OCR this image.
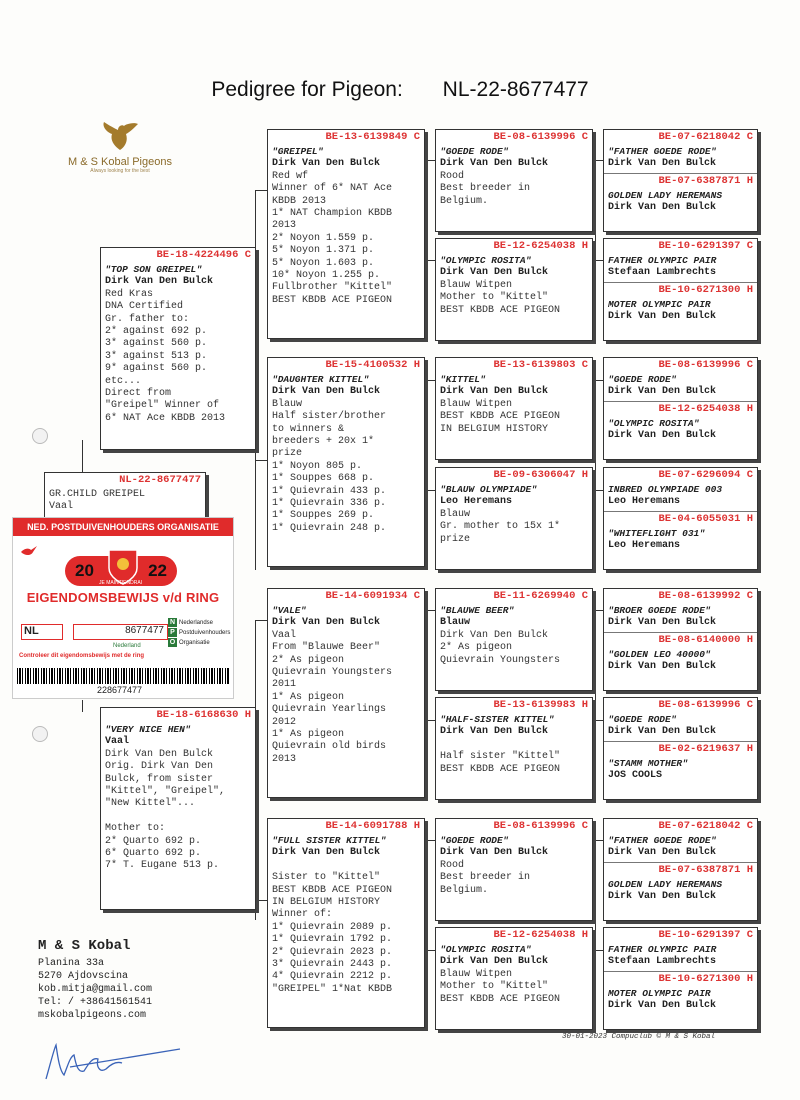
Pedigree for Pigeon: NL-22-8677477
M & S Kobal Pigeons
Always looking for the best
BE-18-4224496 C
"TOP SON GREIPEL"
Dirk Van Den Bulck
Red Kras
DNA Certified
Gr. father to:
2* against 692 p.
3* against 560 p.
3* against 513 p.
9* against 560 p.
etc...
Direct from
"Greipel" Winner of
6* NAT Ace KBDB 2013
NL-22-8677477
GR.CHILD GREIPEL
Vaal
BE-18-6168630 H
"VERY NICE HEN"
Vaal
Dirk Van Den Bulck
Orig. Dirk Van Den
Bulck, from sister
"Kittel", "Greipel",
"New Kittel"...

Mother to:
2* Quarto 692 p.
6* Quarto 692 p.
7* T. Eugane 513 p.
BE-13-6139849 C
"GREIPEL"
Dirk Van Den Bulck
Red wf
Winner of 6* NAT Ace
KBDB 2013
1* NAT Champion KBDB
2013
2* Noyon 1.559 p.
5* Noyon 1.371 p.
5* Noyon 1.603 p.
10* Noyon 1.255 p.
Fullbrother "Kittel"
BEST KBDB ACE PIGEON
BE-15-4100532 H
"DAUGHTER KITTEL"
Dirk Van Den Bulck
Blauw
Half sister/brother
to winners &
breeders + 20x 1*
prize
1* Noyon 805 p.
1* Souppes 668 p.
1* Quievrain 433 p.
1* Quievrain 336 p.
1* Souppes 269 p.
1* Quievrain 248 p.
BE-14-6091934 C
"VALE"
Dirk Van Den Bulck
Vaal
From "Blauwe Beer"
2* As pigeon
Quievrain Youngsters
2011
1* As pigeon
Quievrain Yearlings
2012
1* As pigeon
Quievrain old birds
2013
BE-14-6091788 H
"FULL SISTER KITTEL"
Dirk Van Den Bulck

Sister to "Kittel"
BEST KBDB ACE PIGEON
IN BELGIUM HISTORY
Winner of:
1* Quievrain 2089 p.
1* Quievrain 1792 p.
2* Quievrain 2023 p.
3* Quievrain 2443 p.
4* Quievrain 2212 p.
"GREIPEL" 1*Nat KBDB
BE-08-6139996 C
"GOEDE RODE"
Dirk Van Den Bulck
Rood
Best breeder in
Belgium.
BE-12-6254038 H
"OLYMPIC ROSITA"
Dirk Van Den Bulck
Blauw Witpen
Mother to "Kittel"
BEST KBDB ACE PIGEON
BE-13-6139803 C
"KITTEL"
Dirk Van Den Bulck
Blauw Witpen
BEST KBDB ACE PIGEON
IN BELGIUM HISTORY
BE-09-6306047 H
"BLAUW OLYMPIADE"
Leo Heremans
Blauw
Gr. mother to 15x 1*
prize
BE-11-6269940 C
"BLAUWE BEER"
Blauw
Dirk Van Den Bulck
2* As pigeon
Quievrain Youngsters
BE-13-6139983 H
"HALF-SISTER KITTEL"
Dirk Van Den Bulck

Half sister "Kittel"
BEST KBDB ACE PIGEON
BE-08-6139996 C
"GOEDE RODE"
Dirk Van Den Bulck
Rood
Best breeder in
Belgium.
BE-12-6254038 H
"OLYMPIC ROSITA"
Dirk Van Den Bulck
Blauw Witpen
Mother to "Kittel"
BEST KBDB ACE PIGEON
BE-07-6218042 C
"FATHER GOEDE RODE"
Dirk Van Den Bulck
BE-07-6387871 H
GOLDEN LADY HEREMANS
Dirk Van Den Bulck
BE-10-6291397 C
FATHER OLYMPIC PAIR
Stefaan Lambrechts
BE-10-6271300 H
MOTER OLYMPIC PAIR
Dirk Van Den Bulck
BE-08-6139996 C
"GOEDE RODE"
Dirk Van Den Bulck
BE-12-6254038 H
"OLYMPIC ROSITA"
Dirk Van Den Bulck
BE-07-6296094 C
INBRED OLYMPIADE 003
Leo Heremans
BE-04-6055031 H
"WHITEFLIGHT 031"
Leo Heremans
BE-08-6139992 C
"BROER GOEDE RODE"
Dirk Van Den Bulck
BE-08-6140000 H
"GOLDEN LEO 40000"
Dirk Van Den Bulck
BE-08-6139996 C
"GOEDE RODE"
Dirk Van Den Bulck
BE-02-6219637 H
"STAMM MOTHER"
JOS COOLS
BE-07-6218042 C
"FATHER GOEDE RODE"
Dirk Van Den Bulck
BE-07-6387871 H
GOLDEN LADY HEREMANS
Dirk Van Den Bulck
BE-10-6291397 C
FATHER OLYMPIC PAIR
Stefaan Lambrechts
BE-10-6271300 H
MOTER OLYMPIC PAIR
Dirk Van Den Bulck
NED. POSTDUIVENHOUDERS ORGANISATIE
20	22
JE MAINTIENDRAI
EIGENDOMSBEWIJS v/d RING
NL	8677477
N Nederlandse
P Postduivenhouders
O Organisatie
Nederland
Controleer dit eigendomsbewijs met de ring
228677477
M & S Kobal
Planina 33a
5270 Ajdovscina
kob.mitja@gmail.com
Tel: / +38641561541
mskobalpigeons.com
30-01-2023 Compuclub © M & S Kobal
